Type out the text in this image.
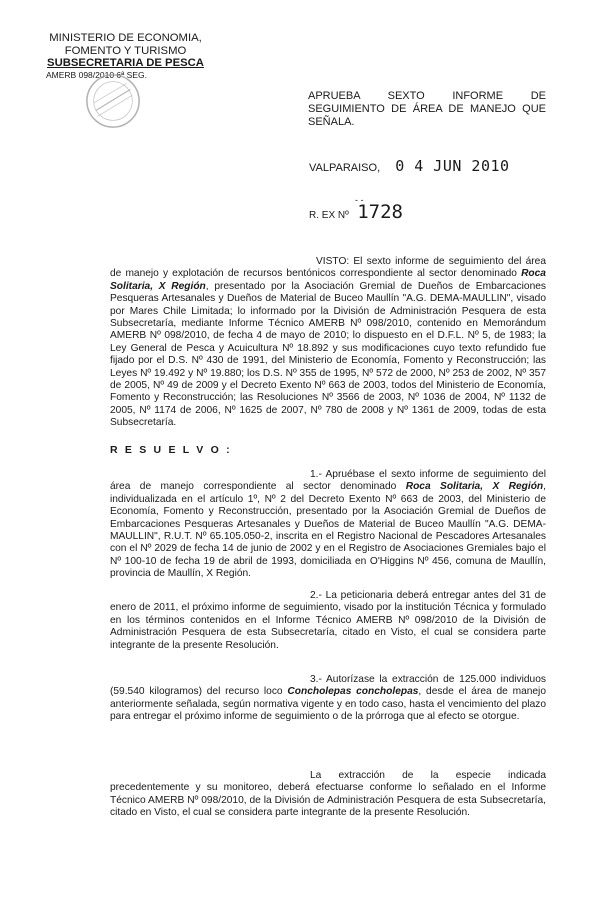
MINISTERIO DE ECONOMIA,
FOMENTO Y TURISMO
SUBSECRETARIA DE PESCA
AMERB 098/2010 6ª SEG.
APRUEBA SEXTO INFORME DE SEGUIMIENTO DE ÁREA DE MANEJO QUE SEÑALA.
VALPARAISO, 0 4 JUN 2010
- -
R. EX Nº 1728

VISTO: El sexto informe de seguimiento del área de manejo y explotación de recursos bentónicos correspondiente al sector denominado Roca Solitaria, X Región, presentado por la Asociación Gremial de Dueños de Embarcaciones Pesqueras Artesanales y Dueños de Material de Buceo Maullín "A.G. DEMA-MAULLIN", visado por Mares Chile Limitada; lo informado por la División de Administración Pesquera de esta Subsecretaría, mediante Informe Técnico AMERB Nº 098/2010, contenido en Memorándum AMERB Nº 098/2010, de fecha 4 de mayo de 2010; lo dispuesto en el D.F.L. Nº 5, de 1983; la Ley General de Pesca y Acuicultura Nº 18.892 y sus modificaciones cuyo texto refundido fue fijado por el D.S. Nº 430 de 1991, del Ministerio de Economía, Fomento y Reconstrucción; las Leyes Nº 19.492 y Nº 19.880; los D.S. Nº 355 de 1995, Nº 572 de 2000, Nº 253 de 2002, Nº 357 de 2005, Nº 49 de 2009 y el Decreto Exento Nº 663 de 2003, todos del Ministerio de Economía, Fomento y Reconstrucción; las Resoluciones Nº 3566 de 2003, Nº 1036 de 2004, Nº 1132 de 2005, Nº 1174 de 2006, Nº 1625 de 2007, Nº 780 de 2008 y Nº 1361 de 2009, todas de esta Subsecretaría.

R E S U E L V O :

1.- Apruébase el sexto informe de seguimiento del área de manejo correspondiente al sector denominado Roca Solitaria, X Región, individualizada en el artículo 1º, Nº 2 del Decreto Exento Nº 663 de 2003, del Ministerio de Economía, Fomento y Reconstrucción, presentado por la Asociación Gremial de Dueños de Embarcaciones Pesqueras Artesanales y Dueños de Material de Buceo Maullín "A.G. DEMA-MAULLIN", R.U.T. Nº 65.105.050-2, inscrita en el Registro Nacional de Pescadores Artesanales con el Nº 2029 de fecha 14 de junio de 2002 y en el Registro de Asociaciones Gremiales bajo el Nº 100-10 de fecha 19 de abril de 1993, domiciliada en O'Higgins Nº 456, comuna de Maullín, provincia de Maullín, X Región.

2.- La peticionaria deberá entregar antes del 31 de enero de 2011, el próximo informe de seguimiento, visado por la institución Técnica y formulado en los términos contenidos en el Informe Técnico AMERB Nº 098/2010 de la División de Administración Pesquera de esta Subsecretaría, citado en Visto, el cual se considera parte integrante de la presente Resolución.

3.- Autorízase la extracción de 125.000 individuos (59.540 kilogramos) del recurso loco Concholepas concholepas, desde el área de manejo anteriormente señalada, según normativa vigente y en todo caso, hasta el vencimiento del plazo para entregar el próximo informe de seguimiento o de la prórroga que al efecto se otorgue.

La extracción de la especie indicada precedentemente y su monitoreo, deberá efectuarse conforme lo señalado en el Informe Técnico AMERB Nº 098/2010, de la División de Administración Pesquera de esta Subsecretaría, citado en Visto, el cual se considera parte integrante de la presente Resolución.
